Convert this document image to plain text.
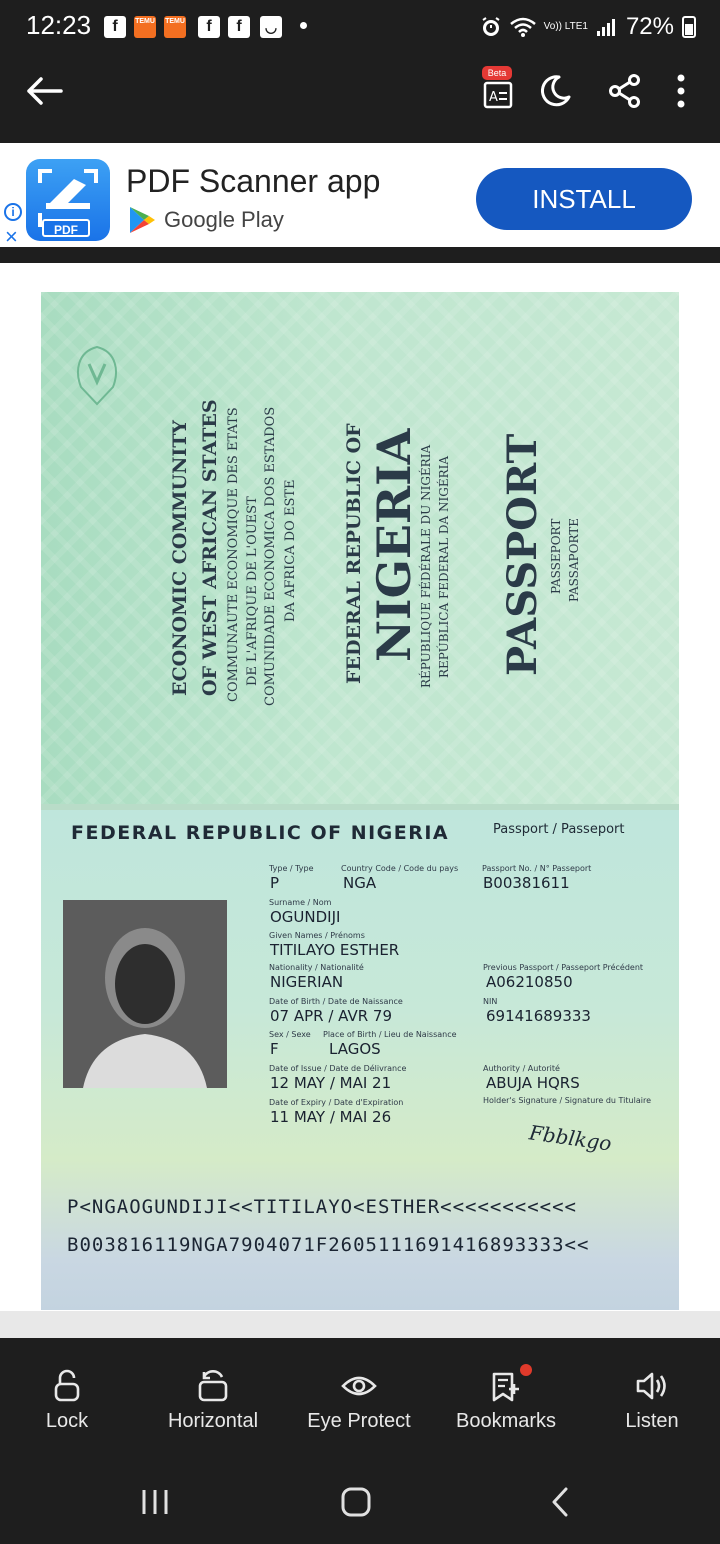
12:23	f	TEMU TEMU	f	f	◡	Vo)) LTE1 72%
A
Beta
i
×	PDF
PDF Scanner app
Google Play
INSTALL
ECONOMIC COMMUNITY OF WEST AFRICAN STATES COMMUNAUTE ECONOMIQUE DES ETATS DE L'AFRIQUE DE L'OUEST COMUNIDADE ECONOMICA DOS ESTADOS DA AFRICA DO ESTE FEDERAL REPUBLIC OF NIGERIA
RÉPUBLIQUE FÉDÉRALE DU NIGÉRIA REPÚBLICA FEDERAL DA NIGÉRIA PASSPORT PASSEPORT PASSAPORTE
FEDERAL REPUBLIC OF NIGERIA	Passport / Passeport
Type / Type
P
Country Code / Code du pays
NGA
Passport No. / N° Passeport
B00381611
Surname / Nom
OGUNDIJI
Given Names / Prénoms
TITILAYO ESTHER
Nationality / Nationalité
NIGERIAN
Previous Passport / Passeport Précédent
A06210850
Date of Birth / Date de Naissance
07 APR / AVR 79
NIN
69141689333
Sex / Sexe
F
Place of Birth / Lieu de Naissance
LAGOS
Date of Issue / Date de Délivrance
12 MAY / MAI 21
Authority / Autorité
ABUJA HQRS
Date of Expiry / Date d'Expiration
11 MAY / MAI 26
Holder's Signature / Signature du Titulaire
Fbblkgo
P<NGAOGUNDIJI<<TITILAYO<ESTHER<<<<<<<<<<<
B003816119NGA7904071F2605111691416893333<<
Lock	Horizontal	Eye Protect	Bookmarks	Listen
